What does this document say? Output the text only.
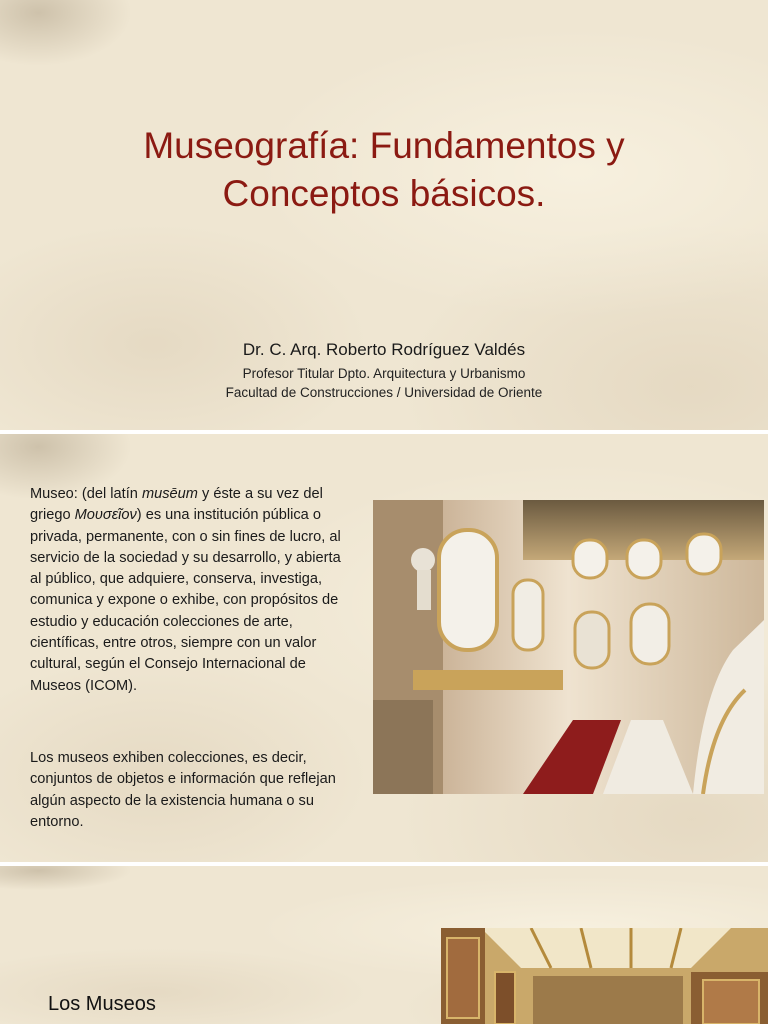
Museografía: Fundamentos y
Conceptos básicos.
Dr. C. Arq. Roberto Rodríguez Valdés
Profesor Titular Dpto. Arquitectura y Urbanismo
Facultad de Construcciones / Universidad de Oriente
Museo: (del latín musēum y éste a su vez del griego Μουσεῖον) es una institución pública o privada, permanente, con o sin fines de lucro, al servicio de la sociedad y su desarrollo, y abierta al público, que adquiere, conserva, investiga, comunica y expone o exhibe, con propósitos de estudio y educación colecciones de arte, científicas, entre otros, siempre con un valor cultural, según el Consejo Internacional de Museos (ICOM).
Los museos exhiben colecciones, es decir, conjuntos de objetos e información que reflejan algún aspecto de la existencia humana o su entorno.
Los Museos
